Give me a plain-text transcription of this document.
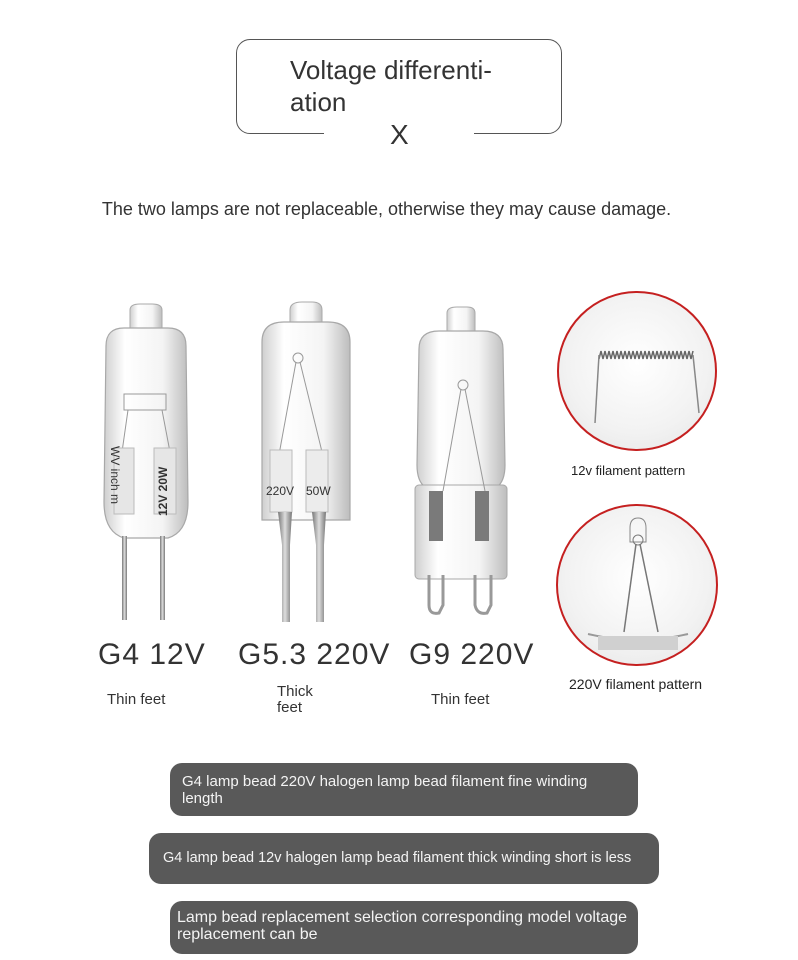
Voltage differenti-
ation
X
The two lamps are not replaceable, otherwise they may cause damage.
WV inch m	12V 20W	220V 50W
G4 12V G5.3 220V G9 220V
Thin feet	Thick
feet	Thin feet
12v filament pattern
220V filament pattern
G4 lamp bead 220V halogen lamp bead filament fine winding length
G4 lamp bead 12v halogen lamp bead filament thick winding short is less
Lamp bead replacement selection corresponding model voltage replacement can be
